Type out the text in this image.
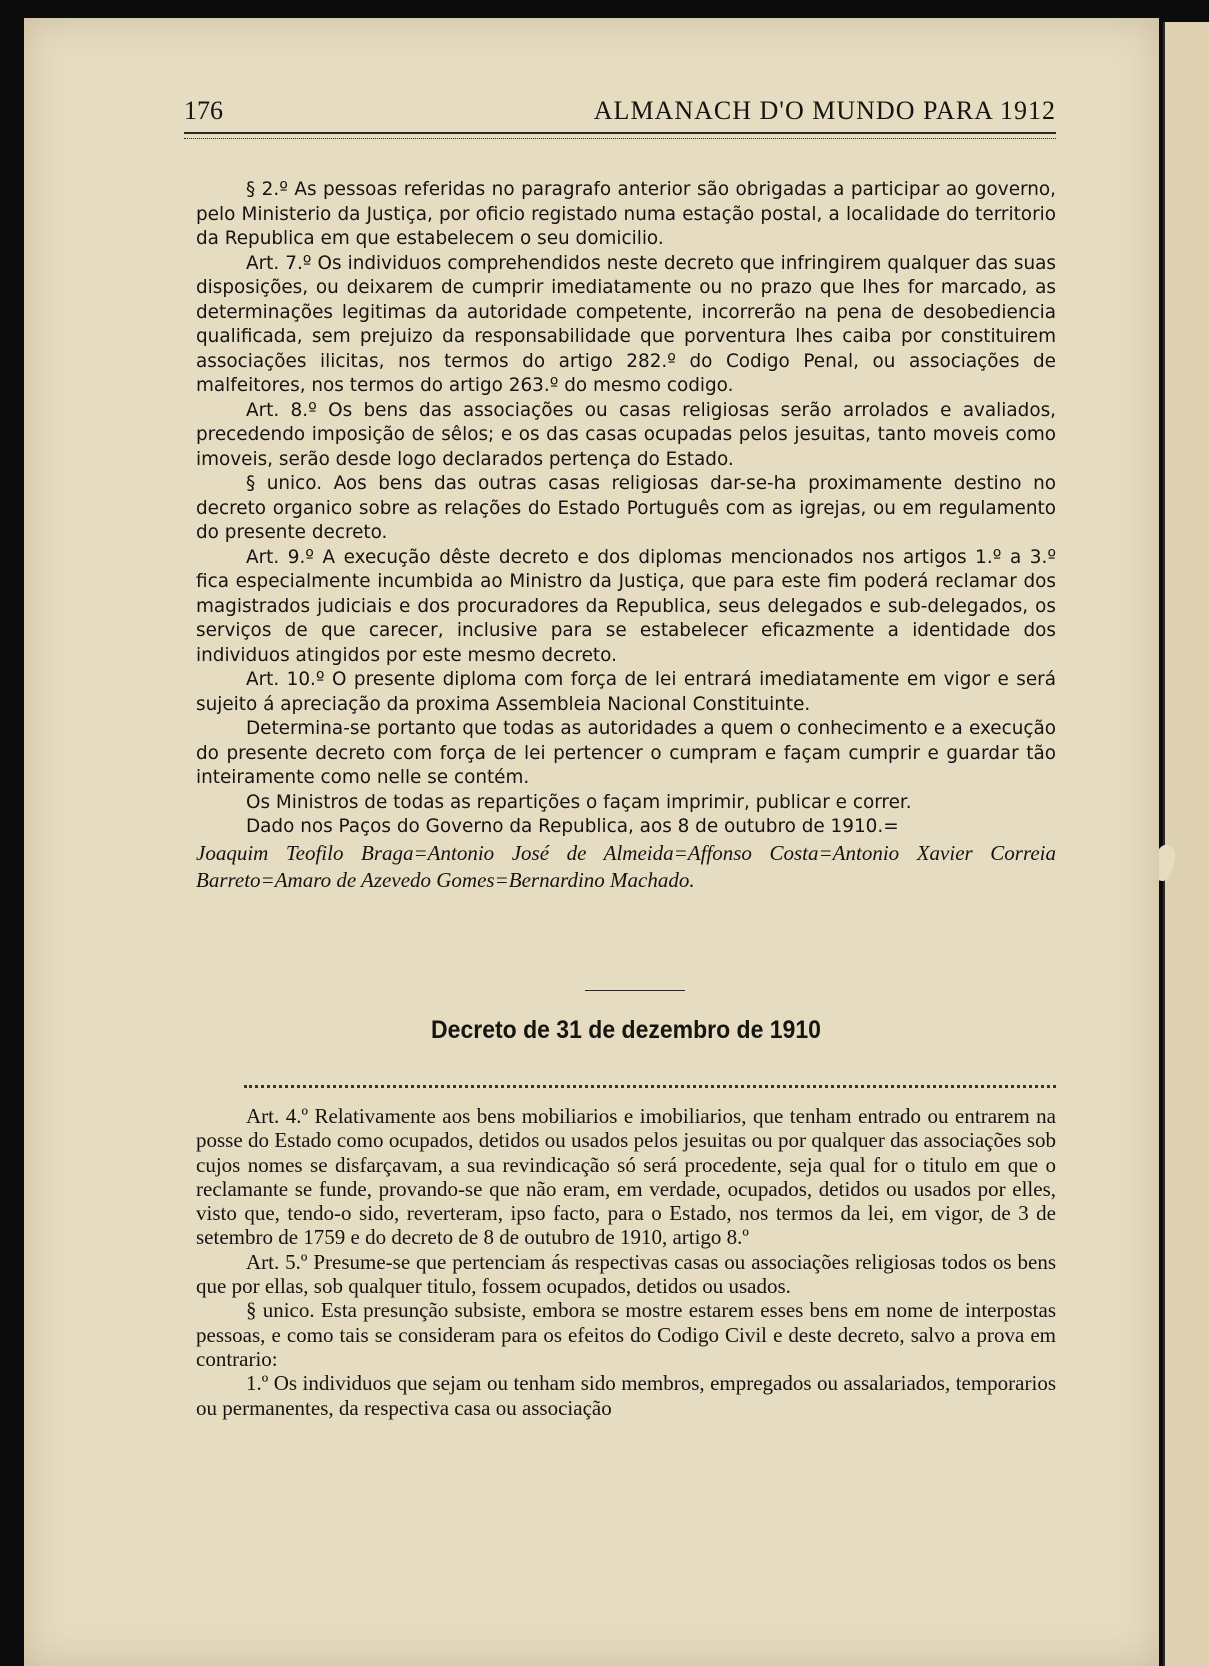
176	ALMANACH D'O MUNDO PARA 1912

§ 2.º As pessoas referidas no paragrafo anterior são obrigadas a participar ao governo, pelo Ministerio da Justiça, por oficio registado numa estação postal, a localidade do territorio da Republica em que estabelecem o seu domicilio.

Art. 7.º Os individuos comprehendidos neste decreto que infringirem qualquer das suas disposições, ou deixarem de cumprir imediatamente ou no prazo que lhes for marcado, as determinações legitimas da autoridade competente, incorrerão na pena de desobediencia qualificada, sem prejuizo da responsabilidade que porventura lhes caiba por constituirem associações ilicitas, nos termos do artigo 282.º do Codigo Penal, ou associações de malfeitores, nos termos do artigo 263.º do mesmo codigo.

Art. 8.º Os bens das associações ou casas religiosas serão arrolados e avaliados, precedendo imposição de sêlos; e os das casas ocupadas pelos jesuitas, tanto moveis como imoveis, serão desde logo declarados pertença do Estado.

§ unico. Aos bens das outras casas religiosas dar-se-ha proximamente destino no decreto organico sobre as relações do Estado Português com as igrejas, ou em regulamento do presente decreto.

Art. 9.º A execução dêste decreto e dos diplomas mencionados nos artigos 1.º a 3.º fica especialmente incumbida ao Ministro da Justiça, que para este fim poderá reclamar dos magistrados judiciais e dos procuradores da Republica, seus delegados e sub-delegados, os serviços de que carecer, inclusive para se estabelecer eficazmente a identidade dos individuos atingidos por este mesmo decreto.

Art. 10.º O presente diploma com força de lei entrará imediatamente em vigor e será sujeito á apreciação da proxima Assembleia Nacional Constituinte.

Determina-se portanto que todas as autoridades a quem o conhecimento e a execução do presente decreto com força de lei pertencer o cumpram e façam cumprir e guardar tão inteiramente como nelle se contém.

Os Ministros de todas as repartições o façam imprimir, publicar e correr.

Dado nos Paços do Governo da Republica, aos 8 de outubro de 1910.=

Joaquim Teofilo Braga=Antonio José de Almeida=Affonso Costa=Antonio Xavier Correia Barreto=Amaro de Azevedo Gomes=Bernardino Machado.

Decreto de 31 de dezembro de 1910

Art. 4.º Relativamente aos bens mobiliarios e imobiliarios, que tenham entrado ou entrarem na posse do Estado como ocupados, detidos ou usados pelos jesuitas ou por qualquer das associações sob cujos nomes se disfarçavam, a sua revindicação só será procedente, seja qual for o titulo em que o reclamante se funde, provando-se que não eram, em verdade, ocupados, detidos ou usados por elles, visto que, tendo-o sido, reverteram, ipso facto, para o Estado, nos termos da lei, em vigor, de 3 de setembro de 1759 e do decreto de 8 de outubro de 1910, artigo 8.º

Art. 5.º Presume-se que pertenciam ás respectivas casas ou associações religiosas todos os bens que por ellas, sob qualquer titulo, fossem ocupados, detidos ou usados.

§ unico. Esta presunção subsiste, embora se mostre estarem esses bens em nome de interpostas pessoas, e como tais se consideram para os efeitos do Codigo Civil e deste decreto, salvo a prova em contrario:

1.º Os individuos que sejam ou tenham sido membros, empregados ou assalariados, temporarios ou permanentes, da respectiva casa ou associação
